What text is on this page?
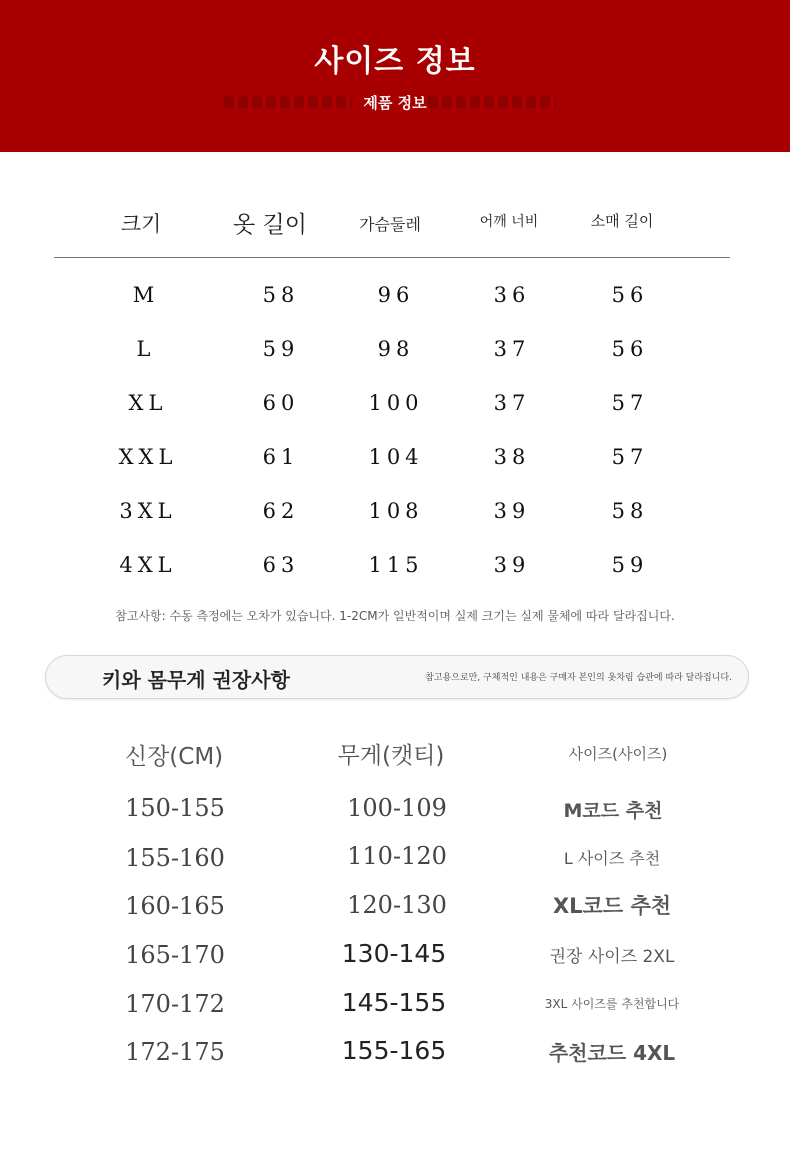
사이즈 정보
제품 정보
크기	옷 길이	가슴둘레	어깨 너비	소매 길이
M	58	96	36	56
L	59	98	37	56
XL	60	100	37	57
XXL	61	104	38	57
3XL	62	108	39	58
4XL	63	115	39	59
참고사항: 수동 측정에는 오차가 있습니다. 1-2CM가 일반적이며 실제 크기는 실제 물체에 따라 달라집니다.
키와 몸무게 권장사항	참고용으로만, 구체적인 내용은 구매자 본인의 옷차림 습관에 따라 달라집니다.
신장(CM)	무게(캣티)	사이즈(사이즈)
150-155	100-109	M코드 추천
155-160	110-120	L 사이즈 추천
160-165	120-130	XL코드 추천
165-170	130-145	권장 사이즈 2XL
170-172	145-155	3XL 사이즈를 추천합니다
172-175	155-165	추천코드 4XL
